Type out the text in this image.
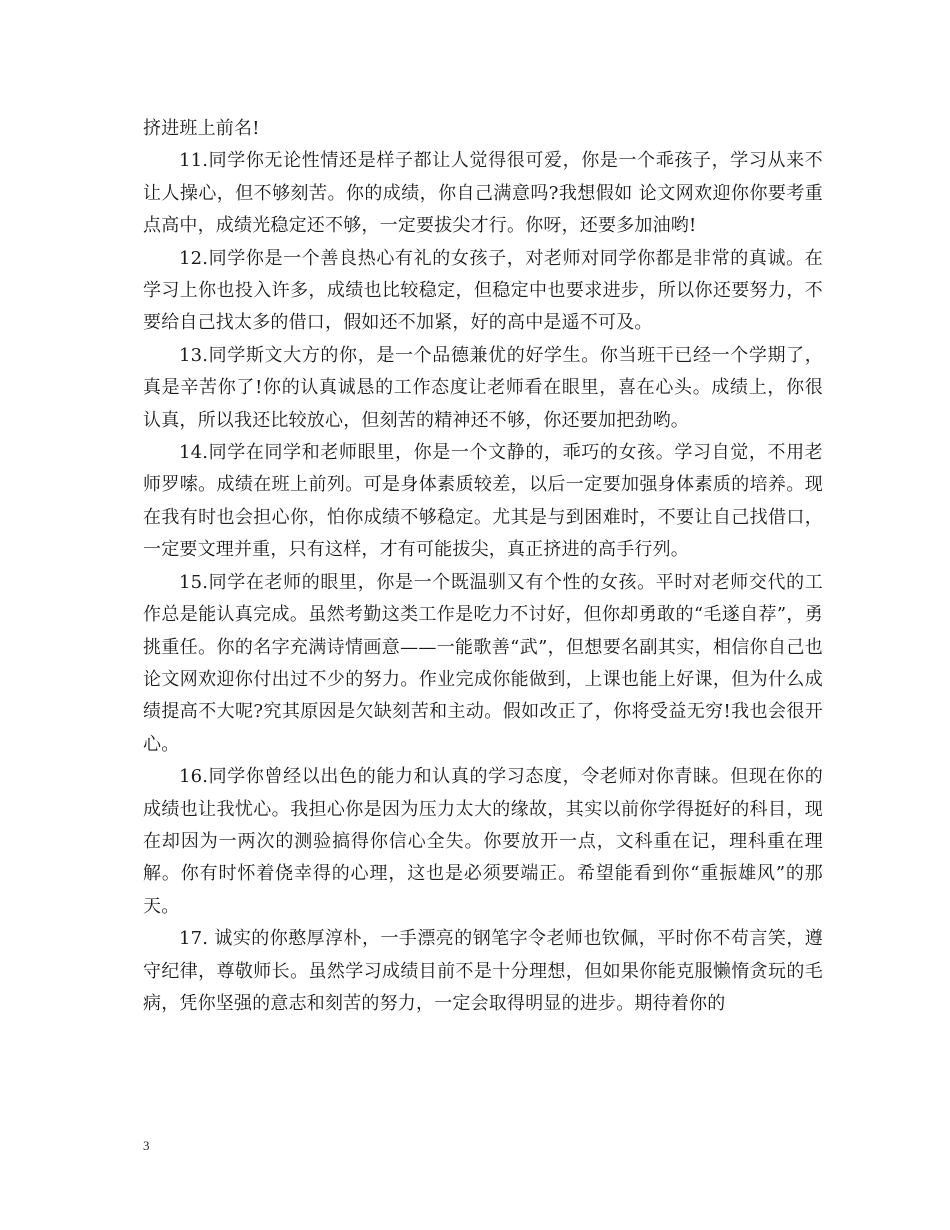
挤进班上前名!

11.同学你无论性情还是样子都让人觉得很可爱，你是一个乖孩子，学习从来不让人操心，但不够刻苦。你的成绩，你自己满意吗?我想假如 论文网欢迎你你要考重点高中，成绩光稳定还不够，一定要拔尖才行。你呀，还要多加油哟!

12.同学你是一个善良热心有礼的女孩子，对老师对同学你都是非常的真诚。在学习上你也投入许多，成绩也比较稳定，但稳定中也要求进步，所以你还要努力，不要给自己找太多的借口，假如还不加紧，好的高中是遥不可及。

13.同学斯文大方的你，是一个品德兼优的好学生。你当班干已经一个学期了，真是辛苦你了!你的认真诚恳的工作态度让老师看在眼里，喜在心头。成绩上，你很认真，所以我还比较放心，但刻苦的精神还不够，你还要加把劲哟。

14.同学在同学和老师眼里，你是一个文静的，乖巧的女孩。学习自觉，不用老师罗嗦。成绩在班上前列。可是身体素质较差，以后一定要加强身体素质的培养。现在我有时也会担心你，怕你成绩不够稳定。尤其是与到困难时，不要让自己找借口，一定要文理并重，只有这样，才有可能拔尖，真正挤进的高手行列。

15.同学在老师的眼里，你是一个既温驯又有个性的女孩。平时对老师交代的工作总是能认真完成。虽然考勤这类工作是吃力不讨好，但你却勇敢的“毛遂自荐”，勇挑重任。你的名字充满诗情画意——一能歌善“武”，但想要名副其实，相信你自己也 论文网欢迎你付出过不少的努力。作业完成你能做到，上课也能上好课，但为什么成绩提高不大呢?究其原因是欠缺刻苦和主动。假如改正了，你将受益无穷!我也会很开心。

16.同学你曾经以出色的能力和认真的学习态度，令老师对你青睐。但现在你的成绩也让我忧心。我担心你是因为压力太大的缘故，其实以前你学得挺好的科目，现在却因为一两次的测验搞得你信心全失。你要放开一点，文科重在记，理科重在理解。你有时怀着侥幸得的心理，这也是必须要端正。希望能看到你“重振雄风”的那天。

17. 诚实的你憨厚淳朴，一手漂亮的钢笔字令老师也钦佩，平时你不苟言笑，遵守纪律，尊敬师长。虽然学习成绩目前不是十分理想，但如果你能克服懒惰贪玩的毛病，凭你坚强的意志和刻苦的努力，一定会取得明显的进步。期待着你的

3
